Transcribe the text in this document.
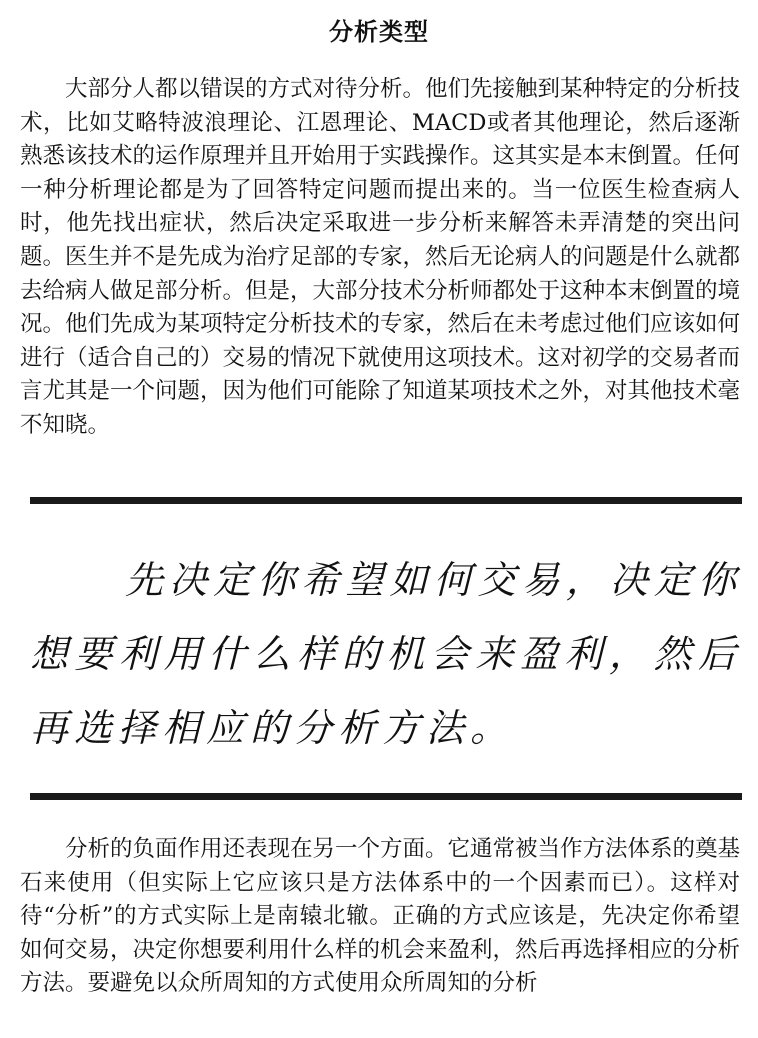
分析类型

大部分人都以错误的方式对待分析。他们先接触到某种特定的分析技术，比如艾略特波浪理论、江恩理论、MACD或者其他理论，然后逐渐熟悉该技术的运作原理并且开始用于实践操作。这其实是本末倒置。任何一种分析理论都是为了回答特定问题而提出来的。当一位医生检查病人时，他先找出症状，然后决定采取进一步分析来解答未弄清楚的突出问题。医生并不是先成为治疗足部的专家，然后无论病人的问题是什么就都去给病人做足部分析。但是，大部分技术分析师都处于这种本末倒置的境况。他们先成为某项特定分析技术的专家，然后在未考虑过他们应该如何进行（适合自己的）交易的情况下就使用这项技术。这对初学的交易者而言尤其是一个问题，因为他们可能除了知道某项技术之外，对其他技术毫不知晓。

先决定你希望如何交易，决定你想要利用什么样的机会来盈利，然后再选择相应的分析方法。

分析的负面作用还表现在另一个方面。它通常被当作方法体系的奠基石来使用（但实际上它应该只是方法体系中的一个因素而已）。这样对待“分析”的方式实际上是南辕北辙。正确的方式应该是，先决定你希望如何交易，决定你想要利用什么样的机会来盈利，然后再选择相应的分析方法。要避免以众所周知的方式使用众所周知的分析
